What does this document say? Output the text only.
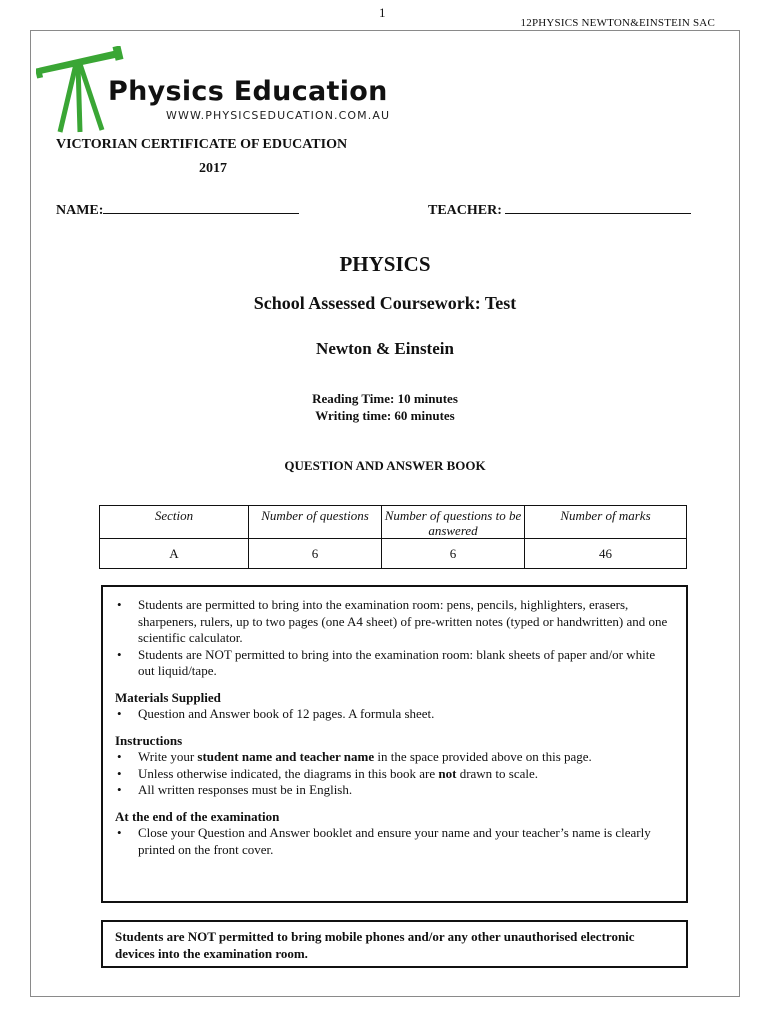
1
12PHYSICS NEWTON&EINSTEIN SAC
Physics Education
WWW.PHYSICSEDUCATION.COM.AU
VICTORIAN CERTIFICATE OF EDUCATION
2017
NAME:	TEACHER:
PHYSICS
School Assessed Coursework: Test
Newton & Einstein
Reading Time: 10 minutes
Writing time: 60 minutes
QUESTION AND ANSWER BOOK
Section	Number of questions	Number of questions to be answered	Number of marks
A	6	6	46
• Students are permitted to bring into the examination room: pens, pencils, highlighters, erasers, sharpeners, rulers, up to two pages (one A4 sheet) of pre-written notes (typed or handwritten) and one scientific calculator.
• Students are NOT permitted to bring into the examination room: blank sheets of paper and/or white out liquid/tape.
Materials Supplied
• Question and Answer book of 12 pages. A formula sheet.
Instructions
• Write your student name and teacher name in the space provided above on this page.
• Unless otherwise indicated, the diagrams in this book are not drawn to scale.
• All written responses must be in English.
At the end of the examination
• Close your Question and Answer booklet and ensure your name and your teacher’s name is clearly printed on the front cover.
Students are NOT permitted to bring mobile phones and/or any other unauthorised electronic devices into the examination room.
